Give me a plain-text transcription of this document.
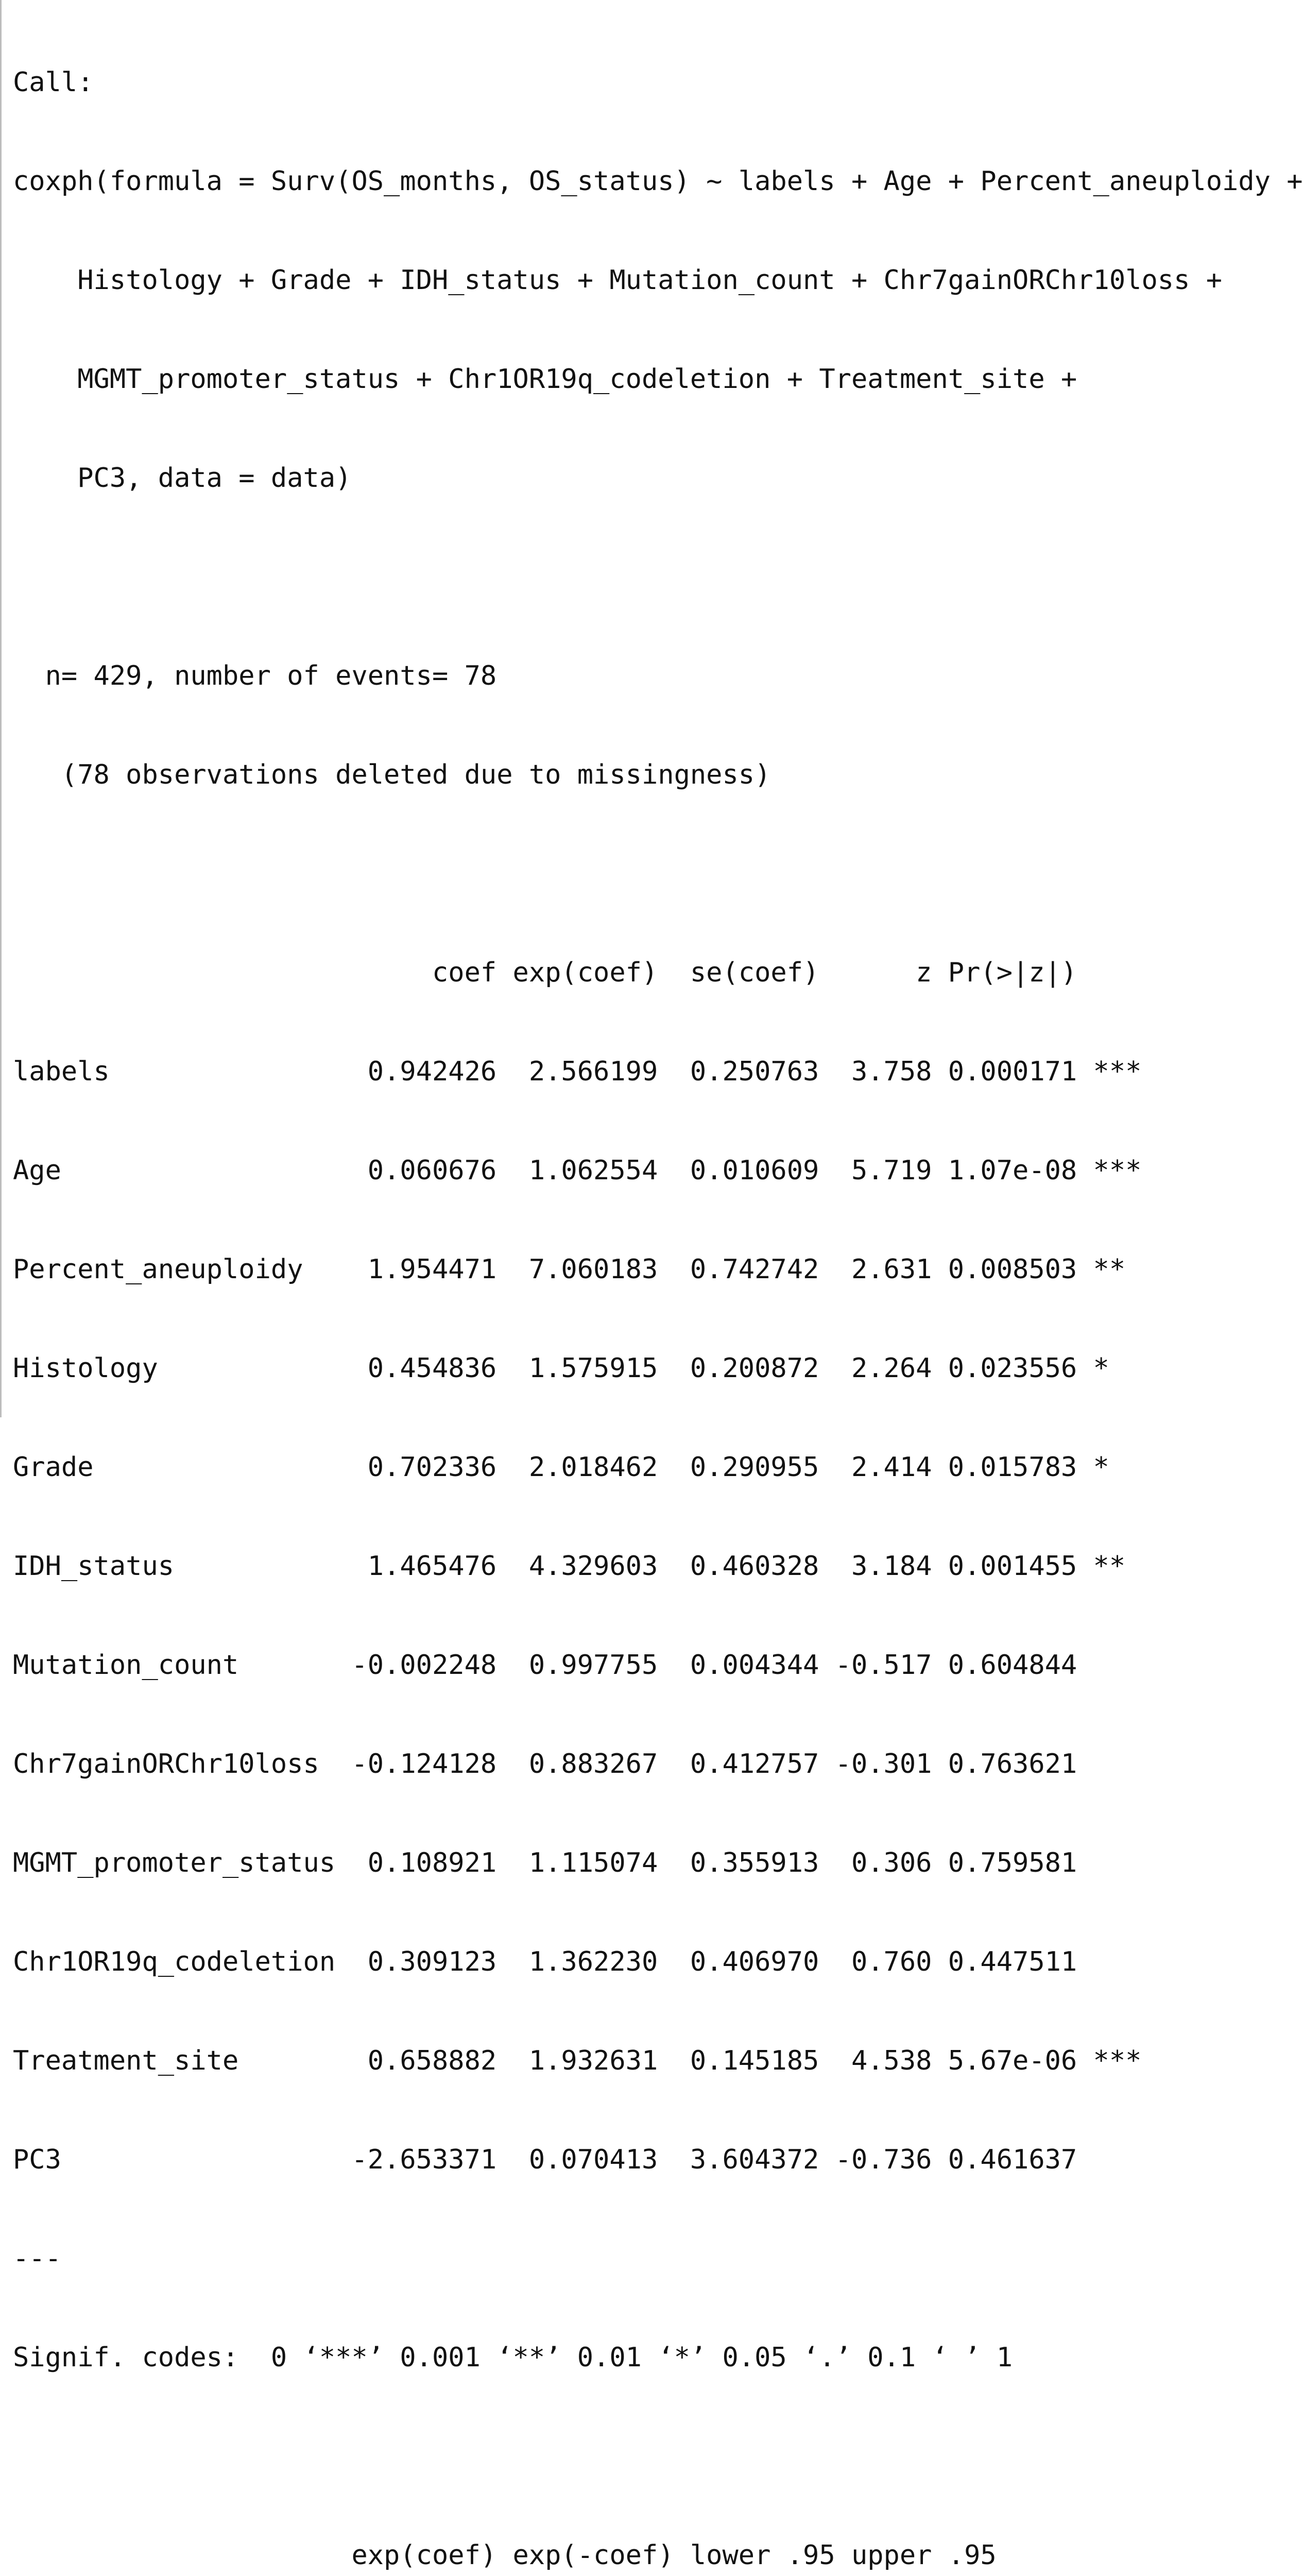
Call:

coxph(formula = Surv(OS_months, OS_status) ~ labels + Age + Percent_aneuploidy +

Histology + Grade + IDH_status + Mutation_count + Chr7gainORChr10loss +

MGMT_promoter_status + Chr1OR19q_codeletion + Treatment_site +

PC3, data = data)

n= 429, number of events= 78

(78 observations deleted due to missingness)

coef exp(coef)  se(coef)      z Pr(>|z|)

labels                0.942426  2.566199  0.250763  3.758 0.000171 ***

Age                   0.060676  1.062554  0.010609  5.719 1.07e-08 ***

Percent_aneuploidy    1.954471  7.060183  0.742742  2.631 0.008503 **

Histology             0.454836  1.575915  0.200872  2.264 0.023556 *

Grade                 0.702336  2.018462  0.290955  2.414 0.015783 *

IDH_status            1.465476  4.329603  0.460328  3.184 0.001455 **

Mutation_count       -0.002248  0.997755  0.004344 -0.517 0.604844

Chr7gainORChr10loss  -0.124128  0.883267  0.412757 -0.301 0.763621

MGMT_promoter_status  0.108921  1.115074  0.355913  0.306 0.759581

Chr1OR19q_codeletion  0.309123  1.362230  0.406970  0.760 0.447511

Treatment_site        0.658882  1.932631  0.145185  4.538 5.67e-06 ***

PC3                  -2.653371  0.070413  3.604372 -0.736 0.461637

---

Signif. codes:  0 ‘***’ 0.001 ‘**’ 0.01 ‘*’ 0.05 ‘.’ 0.1 ‘ ’ 1

exp(coef) exp(-coef) lower .95 upper .95
